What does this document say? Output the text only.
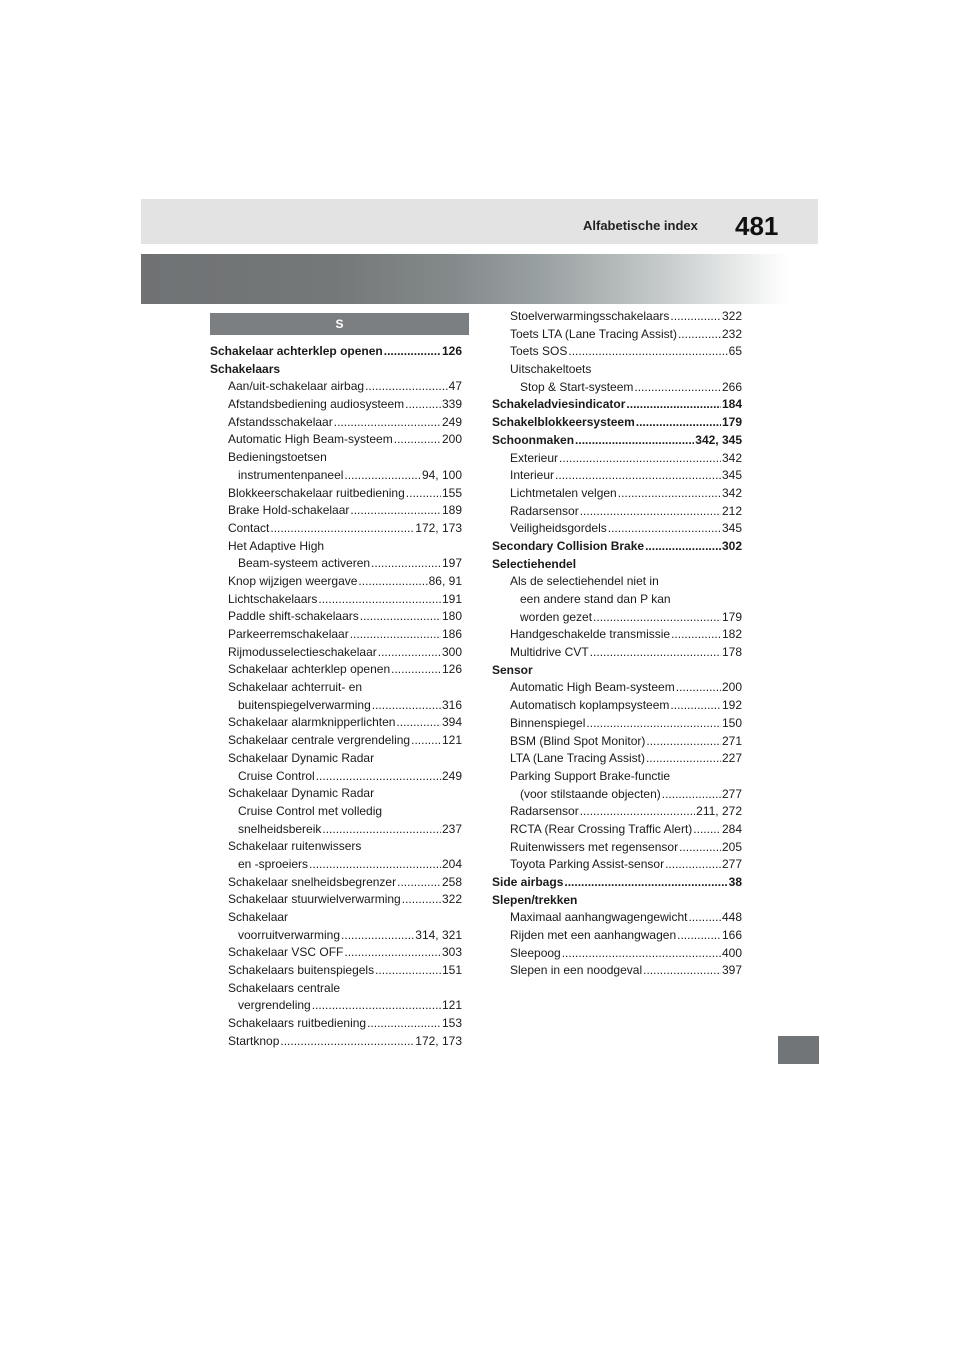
Alfabetische index 481
S
Schakelaar achterklep openen .....	126
Schakelaars
Aan/uit-schakelaar airbag .....	47
Afstandsbediening audiosysteem .....	339
Afstandsschakelaar .....	249
Automatic High Beam-systeem .....	200
Bedieningstoetsen
instrumentenpaneel .....	94, 100
Blokkeerschakelaar ruitbediening .....	155
Brake Hold-schakelaar .....	189
Contact .....	172, 173
Het Adaptive High
Beam-systeem activeren .....	197
Knop wijzigen weergave .....	86, 91
Lichtschakelaars .....	191
Paddle shift-schakelaars .....	180
Parkeerremschakelaar .....	186
Rijmodusselectieschakelaar .....	300
Schakelaar achterklep openen .....	126
Schakelaar achterruit- en
buitenspiegelverwarming .....	316
Schakelaar alarmknipperlichten .....	394
Schakelaar centrale vergrendeling .....	121
Schakelaar Dynamic Radar
Cruise Control .....	249
Schakelaar Dynamic Radar
Cruise Control met volledig
snelheidsbereik .....	237
Schakelaar ruitenwissers
en -sproeiers .....	204
Schakelaar snelheidsbegrenzer .....	258
Schakelaar stuurwielverwarming .....	322
Schakelaar
voorruitverwarming .....	314, 321
Schakelaar VSC OFF .....	303
Schakelaars buitenspiegels .....	151
Schakelaars centrale
vergrendeling .....	121
Schakelaars ruitbediening .....	153
Startknop .....	172, 173
Stoelverwarmingsschakelaars .....	322
Toets LTA (Lane Tracing Assist) .....	232
Toets SOS .....	65
Uitschakeltoets
Stop & Start-systeem .....	266
Schakeladviesindicator .....	184
Schakelblokkeersysteem .....	179
Schoonmaken .....	342, 345
Exterieur .....	342
Interieur .....	345
Lichtmetalen velgen .....	342
Radarsensor .....	212
Veiligheidsgordels .....	345
Secondary Collision Brake .....	302
Selectiehendel
Als de selectiehendel niet in
een andere stand dan P kan
worden gezet .....	179
Handgeschakelde transmissie .....	182
Multidrive CVT .....	178
Sensor
Automatic High Beam-systeem .....	200
Automatisch koplampsysteem .....	192
Binnenspiegel .....	150
BSM (Blind Spot Monitor) .....	271
LTA (Lane Tracing Assist) .....	227
Parking Support Brake-functie
(voor stilstaande objecten) .....	277
Radarsensor .....	211, 272
RCTA (Rear Crossing Traffic Alert) ..... 284
Ruitenwissers met regensensor .....	205
Toyota Parking Assist-sensor .....	277
Side airbags .....	38
Slepen/trekken
Maximaal aanhangwagengewicht .....	448
Rijden met een aanhangwagen .....	166
Sleepoog .....	400
Slepen in een noodgeval .....	397
